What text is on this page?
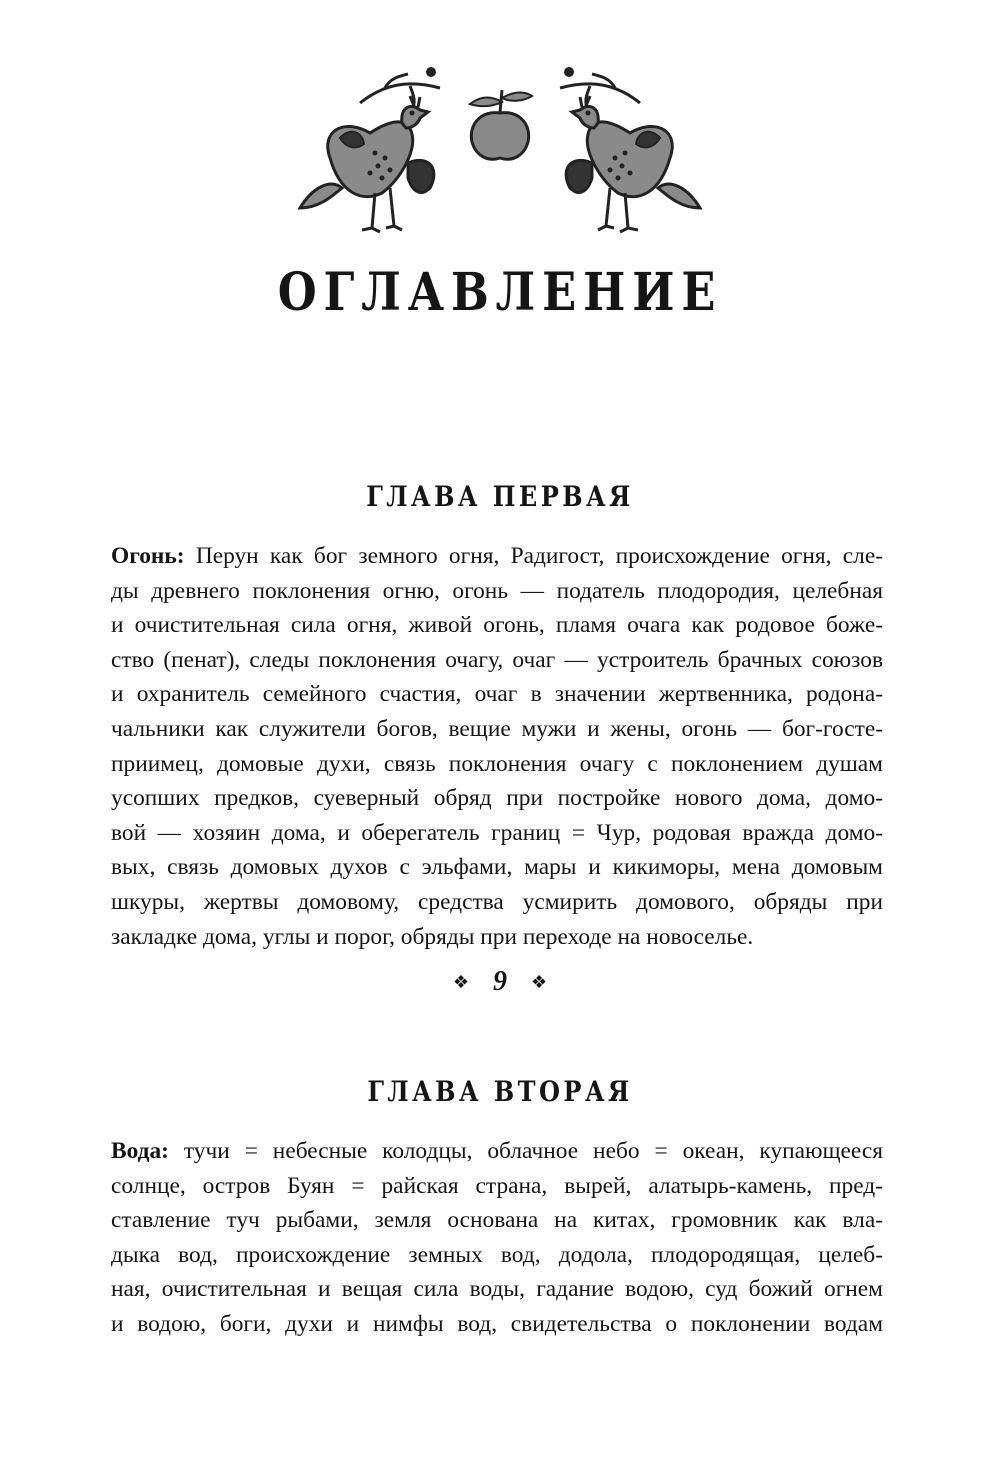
ОГЛАВЛЕНИЕ
ГЛАВА ПЕРВАЯ
Огонь: Перун как бог земного огня, Радигост, происхождение огня, сле-
ды древнего поклонения огню, огонь — податель плодородия, целебная
и очистительная сила огня, живой огонь, пламя очага как родовое боже-
ство (пенат), следы поклонения очагу, очаг — устроитель брачных союзов
и охранитель семейного счастия, очаг в значении жертвенника, родона-
чальники как служители богов, вещие мужи и жены, огонь — бог-госте-
приимец, домовые духи, связь поклонения очагу с поклонением душам
усопших предков, суеверный обряд при постройке нового дома, домо-
вой — хозяин дома, и оберегатель границ = Чур, родовая вражда домо-
вых, связь домовых духов с эльфами, мары и кикиморы, мена домовым
шкуры, жертвы домовому, средства усмирить домового, обряды при
закладке дома, углы и порог, обряды при переходе на новоселье.
❖ 9 ❖
ГЛАВА ВТОРАЯ
Вода: тучи = небесные колодцы, облачное небо = океан, купающееся
солнце, остров Буян = райская страна, вырей, алатырь-камень, пред-
ставление туч рыбами, земля основана на китах, громовник как вла-
дыка вод, происхождение земных вод, додола, плодородящая, целеб-
ная, очистительная и вещая сила воды, гадание водою, суд божий огнем
и водою, боги, духи и нимфы вод, свидетельства о поклонении водам
